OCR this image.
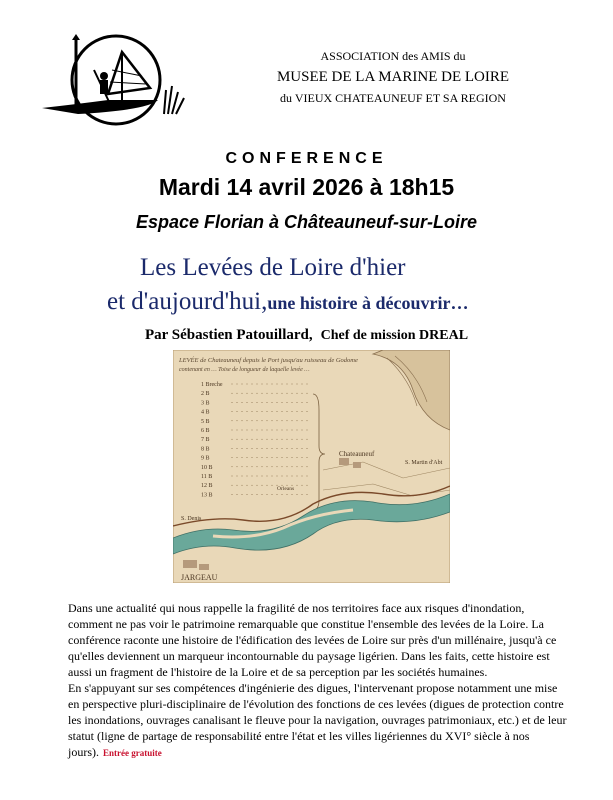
ASSOCIATION des AMIS du
MUSEE DE LA MARINE DE LOIRE
du VIEUX CHATEAUNEUF ET SA REGION
CONFERENCE
Mardi 14 avril 2026 à 18h15
Espace Florian à Châteauneuf-sur-Loire
Les Levées de Loire d'hier
et d'aujourd'hui,une histoire à découvrir…
Par Sébastien Patouillard, Chef de mission DREAL
LEVÉE de Chateauneuf depuis le Port jusqu'au ruisseau de Godome
contenant en … Toise de longueur de laquelle levée …
1 Breche
2 B
3 B
4 B
5 B
6 B
7 B
8 B
9 B
10 B
11 B
12 B
13 B
Chateauneuf
S. Martin d'Abt
Orleans
S. Denis
JARGEAU

Dans une actualité qui nous rappelle la fragilité de nos territoires face aux risques d'inondation, comment ne pas voir le patrimoine remarquable que constitue l'ensemble des levées de la Loire. La conférence raconte une histoire de l'édification des levées de Loire sur près d'un millénaire, jusqu'à ce qu'elles deviennent un marqueur incontournable du paysage ligérien. Dans les faits, cette histoire est aussi un fragment de l'histoire de la Loire et de sa perception par les sociétés humaines.

En s'appuyant sur ses compétences d'ingénierie des digues, l'intervenant propose notamment une mise en perspective pluri-disciplinaire de l'évolution des fonctions de ces levées (digues de protection contre les inondations, ouvrages canalisant le fleuve pour la navigation, ouvrages patrimoniaux, etc.) et de leur statut (ligne de partage de responsabilité entre l'état et les villes ligériennes du XVI° siècle à nos jours). Entrée gratuite
